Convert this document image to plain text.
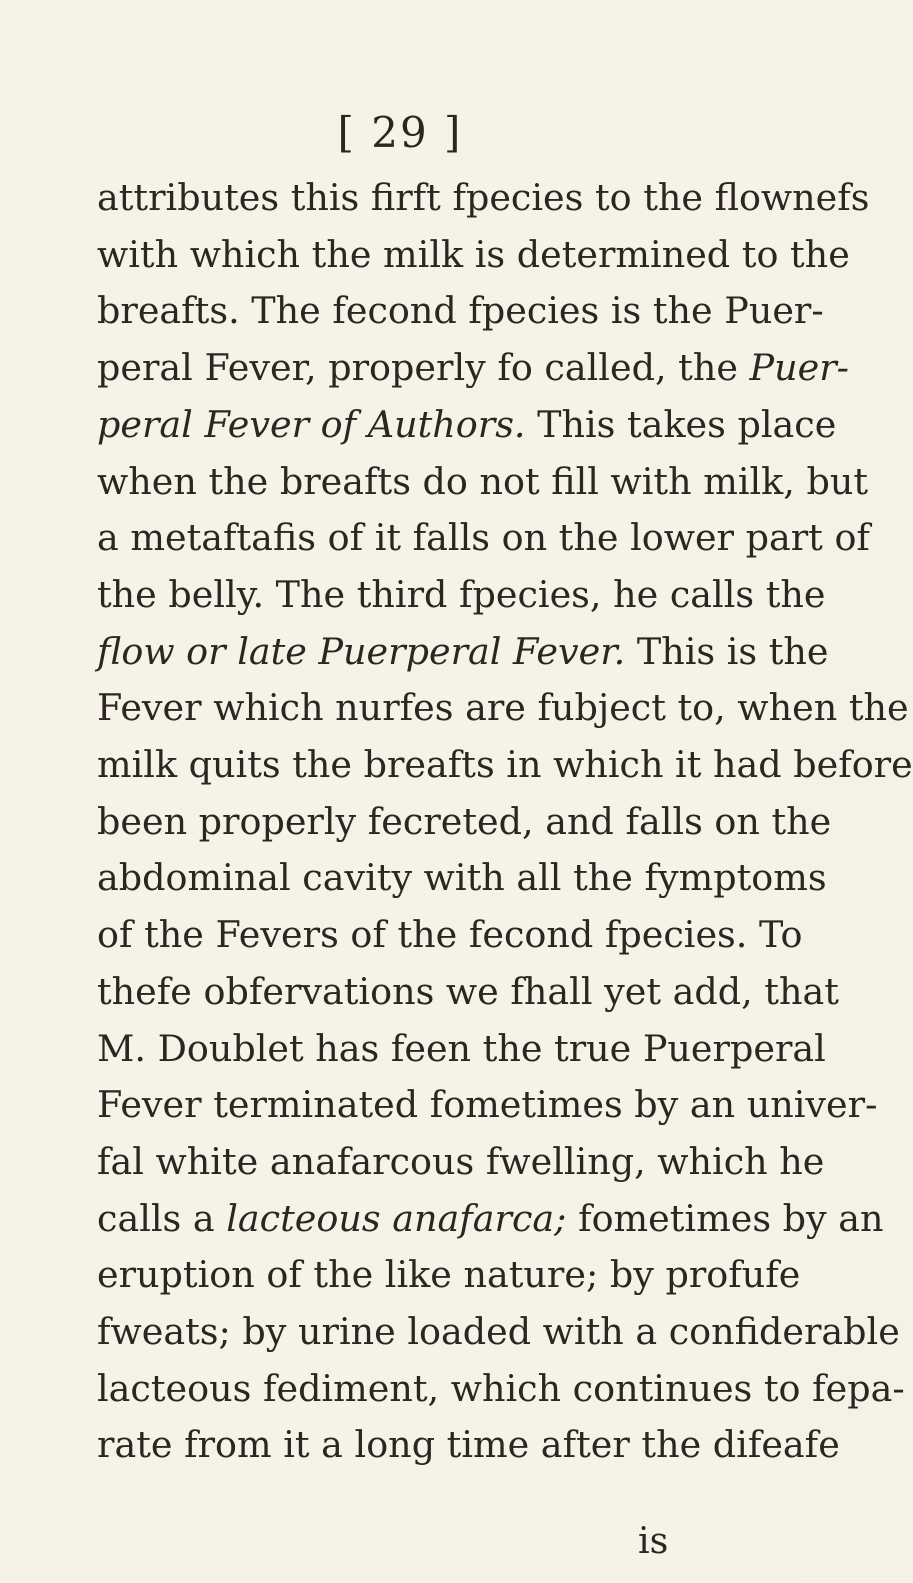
[ 29 ]
attributes this firft fpecies to the flownefs
with which the milk is determined to the
breafts. The fecond fpecies is the Puer-
peral Fever, properly fo called, the Puer-
peral Fever of Authors. This takes place
when the breafts do not fill with milk, but
a metaftafis of it falls on the lower part of
the belly. The third fpecies, he calls the
flow or late Puerperal Fever. This is the
Fever which nurfes are fubject to, when the
milk quits the breafts in which it had before
been properly fecreted, and falls on the
abdominal cavity with all the fymptoms
of the Fevers of the fecond fpecies. To
thefe obfervations we fhall yet add, that
M. Doublet has feen the true Puerperal
Fever terminated fometimes by an univer-
fal white anafarcous fwelling, which he
calls a lacteous anafarca; fometimes by an
eruption of the like nature; by profufe
fweats; by urine loaded with a confiderable
lacteous fediment, which continues to fepa-
rate from it a long time after the difeafe
is
